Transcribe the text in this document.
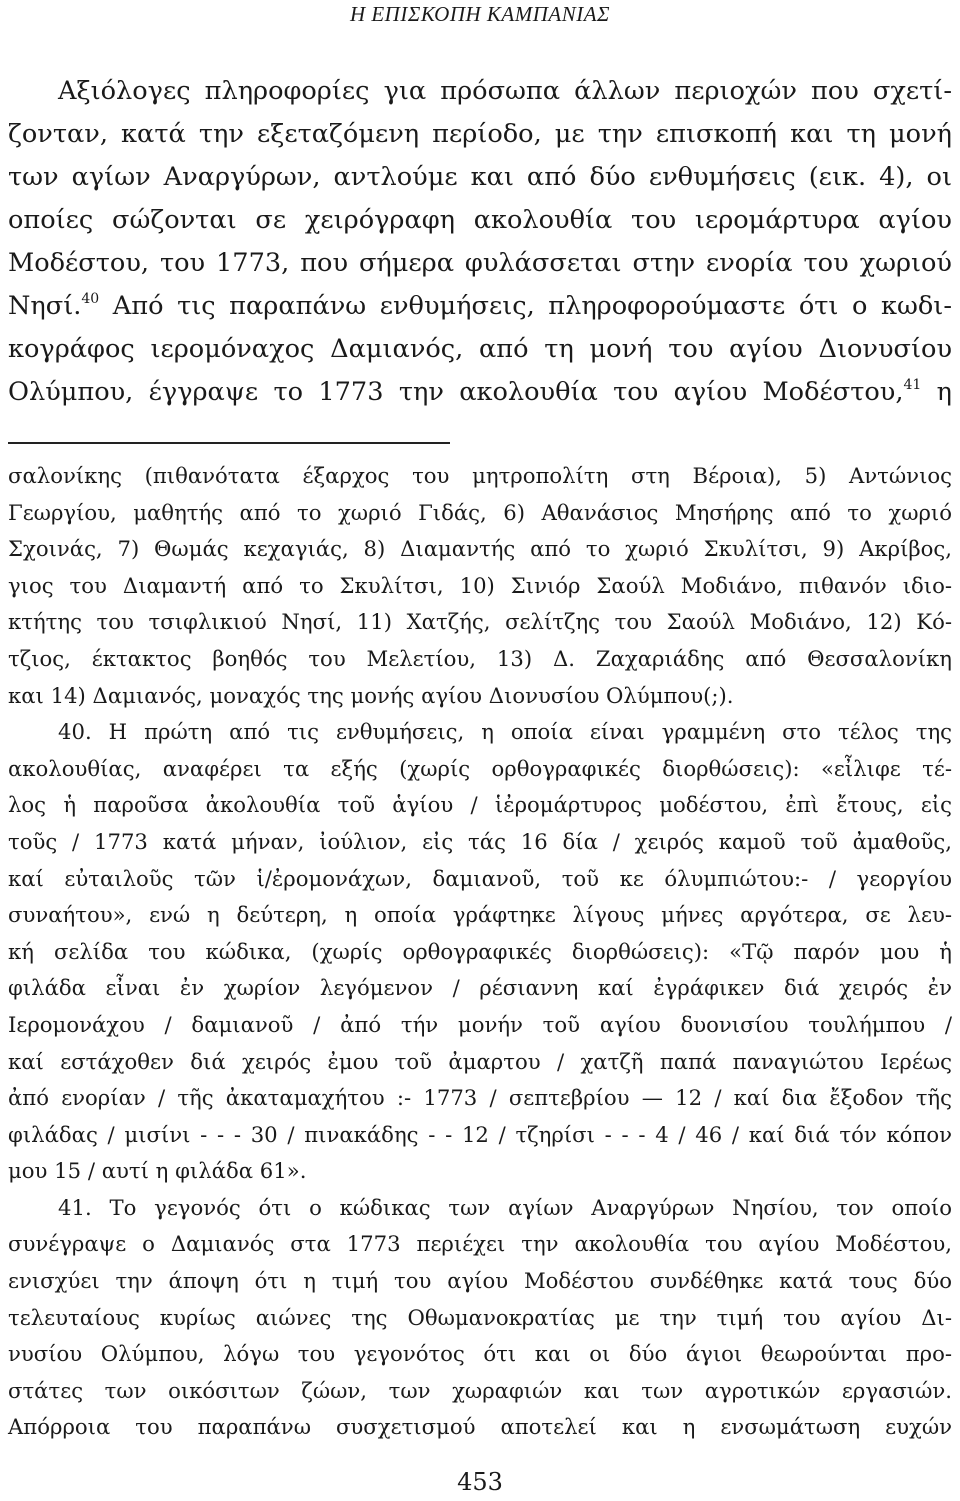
Η ΕΠΙΣΚΟΠΗ ΚΑΜΠΑΝΙΑΣ
Αξιόλογες πληροφορίες για πρόσωπα άλλων περιοχών που σχετί-
ζονταν, κατά την εξεταζόμενη περίοδο, με την επισκοπή και τη μονή
των αγίων Αναργύρων, αντλούμε και από δύο ενθυμήσεις (εικ. 4), οι
οποίες σώζονται σε χειρόγραφη ακολουθία του ιερομάρτυρα αγίου
Μοδέστου, του 1773, που σήμερα φυλάσσεται στην ενορία του χωριού
Νησί.$^{40}$ Από τις παραπάνω ενθυμήσεις, πληροφορούμαστε ότι ο κωδι-
κογράφος ιερομόναχος Δαμιανός, από τη μονή του αγίου Διονυσίου
Ολύμπου, έγγραψε το 1773 την ακολουθία του αγίου Μοδέστου,$^{41}$ η
σαλονίκης (πιθανότατα έξαρχος του μητροπολίτη στη Βέροια), 5) Αντώνιος
Γεωργίου, μαθητής από το χωριό Γιδάς, 6) Αθανάσιος Μησήρης από το χωριό
Σχοινάς, 7) Θωμάς κεχαγιάς, 8) Διαμαντής από το χωριό Σκυλίτσι, 9) Ακρίβος,
γιος του Διαμαντή από το Σκυλίτσι, 10) Σινιόρ Σαούλ Μοδιάνο, πιθανόν ιδιο-
κτήτης του τσιφλικιού Νησί, 11) Χατζής, σελίτζης του Σαούλ Μοδιάνο, 12) Κό-
τζιος, έκτακτος βοηθός του Μελετίου, 13) Δ. Ζαχαριάδης από Θεσσαλονίκη
και 14) Δαμιανός, μοναχός της μονής αγίου Διονυσίου Ολύμπου(;).
40. Η πρώτη από τις ενθυμήσεις, η οποία είναι γραμμένη στο τέλος της
ακολουθίας, αναφέρει τα εξής (χωρίς ορθογραφικές διορθώσεις): «εἶλιφε τέ-
λος ἡ παροῦσα ἀκολουθία τοῦ ἁγίου / ἱἐρομάρτυρος μοδέστου, ἐπὶ ἔτους, εἰς
τοῦς / 1773 κατά μήναν, ἰούλιον, εἰς τάς 16 δία / χειρός καμοῦ τοῦ ἀμαθοῦς,
καί εὐταιλοῦς τῶν ἱ/ἐρομονάχων, δαμιανοῦ, τοῦ κε όλυμπιώτου:- / γεοργίου
συναήτου», ενώ η δεύτερη, η οποία γράφτηκε λίγους μήνες αργότερα, σε λευ-
κή σελίδα του κώδικα, (χωρίς ορθογραφικές διορθώσεις): «Τῷ παρόν μου ἡ
φιλάδα εἶναι ἐν χωρίον λεγόμενον / ρέσιαννη καί ἐγράφικεν διά χειρός ἐν
Ιερομονάχου / δαμιανοῦ / ἀπό τήν μονήν τοῦ αγίου δυονισίου τουλήμπου /
καί εστάχοθεν διά χειρός ἐμου τοῦ ἀμαρτου / χατζῆ παπά παναγιώτου Ιερέως
ἀπό ενορίαν / τῆς ἀκαταμαχήτου :- 1773 / σεπτεβρίου — 12 / καί δια ἔξοδον τῆς
φιλάδας / μισίνι - - - 30 / πινακάδης - - 12 / τζηρίσι - - - 4 / 46 / καί διά τόν κόπον
μου 15 / αυτί η φιλάδα 61».
41. Το γεγονός ότι ο κώδικας των αγίων Αναργύρων Νησίου, τον οποίο
συνέγραψε ο Δαμιανός στα 1773 περιέχει την ακολουθία του αγίου Μοδέστου,
ενισχύει την άποψη ότι η τιμή του αγίου Μοδέστου συνδέθηκε κατά τους δύο
τελευταίους κυρίως αιώνες της Οθωμανοκρατίας με την τιμή του αγίου Δι-
νυσίου Ολύμπου, λόγω του γεγονότος ότι και οι δύο άγιοι θεωρούνται προ-
στάτες των οικόσιτων ζώων, των χωραφιών και των αγροτικών εργασιών.
Απόρροια του παραπάνω συσχετισμού αποτελεί και η ενσωμάτωση ευχών
453
